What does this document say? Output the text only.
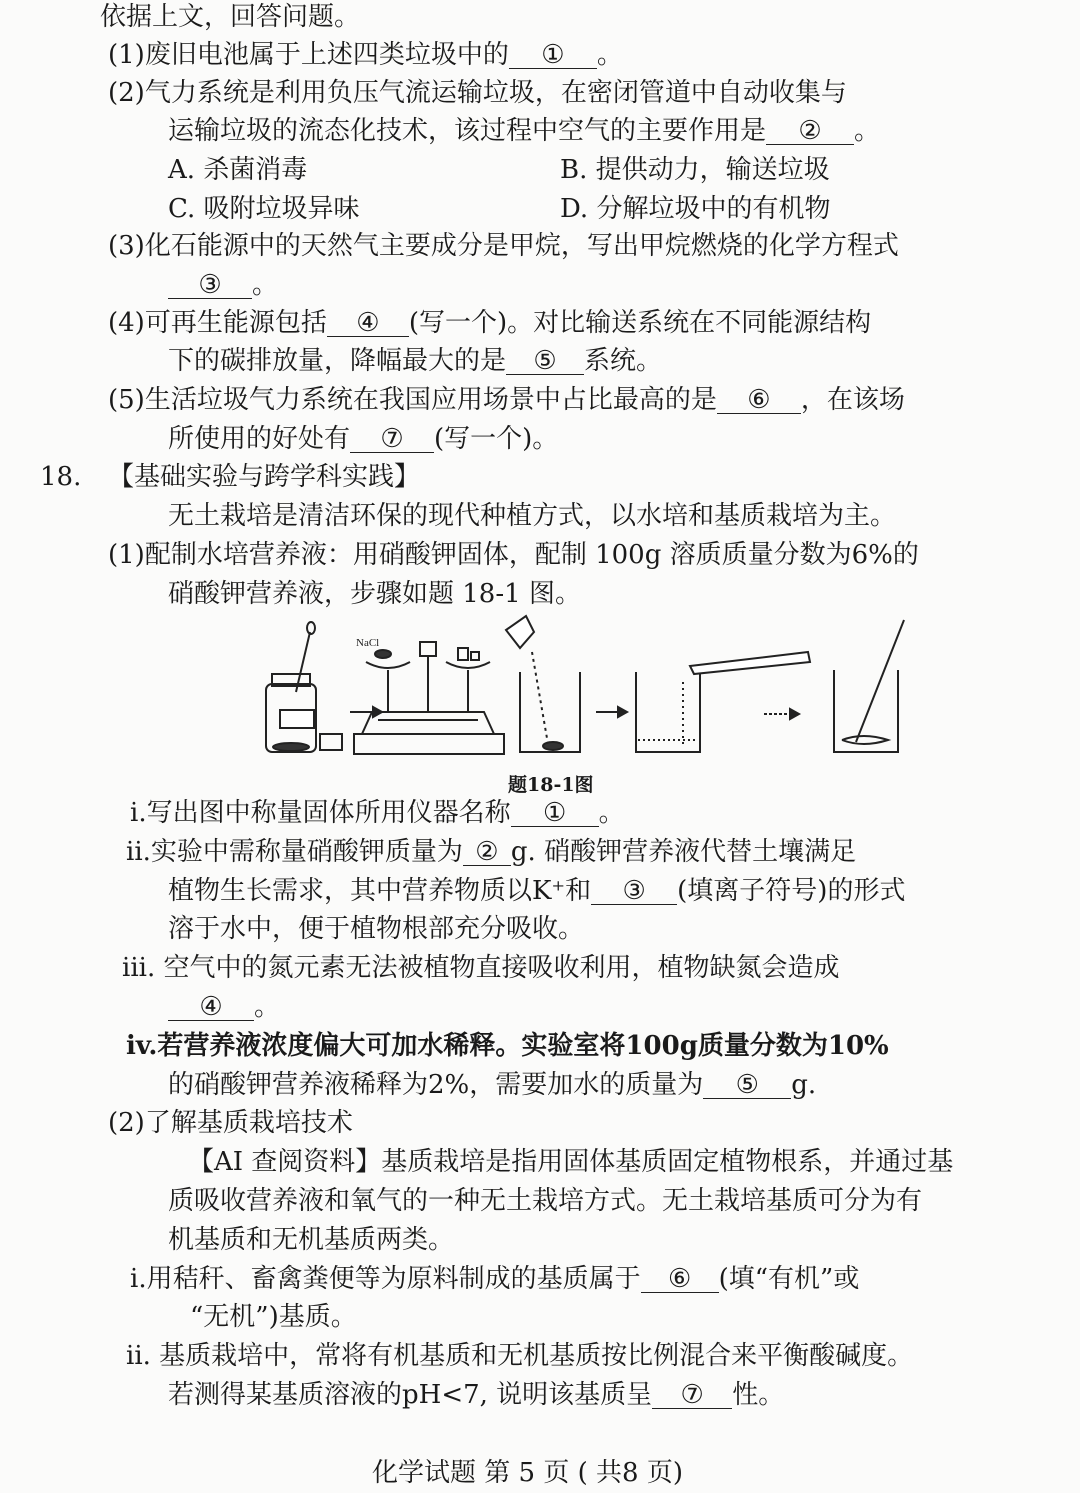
依据上文，回答问题。
(1)废旧电池属于上述四类垃圾中的 ① 。
(2)气力系统是利用负压气流运输垃圾，在密闭管道中自动收集与
运输垃圾的流态化技术，该过程中空气的主要作用是 ② 。
A. 杀菌消毒	B. 提供动力，输送垃圾
C. 吸附垃圾异味	D. 分解垃圾中的有机物
(3)化石能源中的天然气主要成分是甲烷，写出甲烷燃烧的化学方程式
③ 。
(4)可再生能源包括 ④ (写一个)。对比输送系统在不同能源结构
下的碳排放量，降幅最大的是 ⑤ 系统。
(5)生活垃圾气力系统在我国应用场景中占比最高的是 ⑥ ，在该场
所使用的好处有 ⑦ (写一个)。
18. 【基础实验与跨学科实践】
无土栽培是清洁环保的现代种植方式，以水培和基质栽培为主。
(1)配制水培营养液：用硝酸钾固体，配制 100g 溶质质量分数为6%的
硝酸钾营养液，步骤如题 18-1 图。
NaCl
题18-1图
i.写出图中称量固体所用仪器名称 ① 。
ii.实验中需称量硝酸钾质量为 ② g. 硝酸钾营养液代替土壤满足
植物生长需求，其中营养物质以K⁺和 ③ (填离子符号)的形式
溶于水中，便于植物根部充分吸收。
iii. 空气中的氮元素无法被植物直接吸收利用，植物缺氮会造成
④ 。
iv.若营养液浓度偏大可加水稀释。实验室将100g质量分数为10%
的硝酸钾营养液稀释为2%，需要加水的质量为 ⑤ g.
(2)了解基质栽培技术
【AI 查阅资料】基质栽培是指用固体基质固定植物根系，并通过基
质吸收营养液和氧气的一种无土栽培方式。无土栽培基质可分为有
机基质和无机基质两类。
i.用秸秆、畜禽粪便等为原料制成的基质属于 ⑥ (填“有机”或
“无机”)基质。
ii. 基质栽培中，常将有机基质和无机基质按比例混合来平衡酸碱度。
若测得某基质溶液的pH<7, 说明该基质呈 ⑦ 性。
化学试题 第 5 页 ( 共8 页)
